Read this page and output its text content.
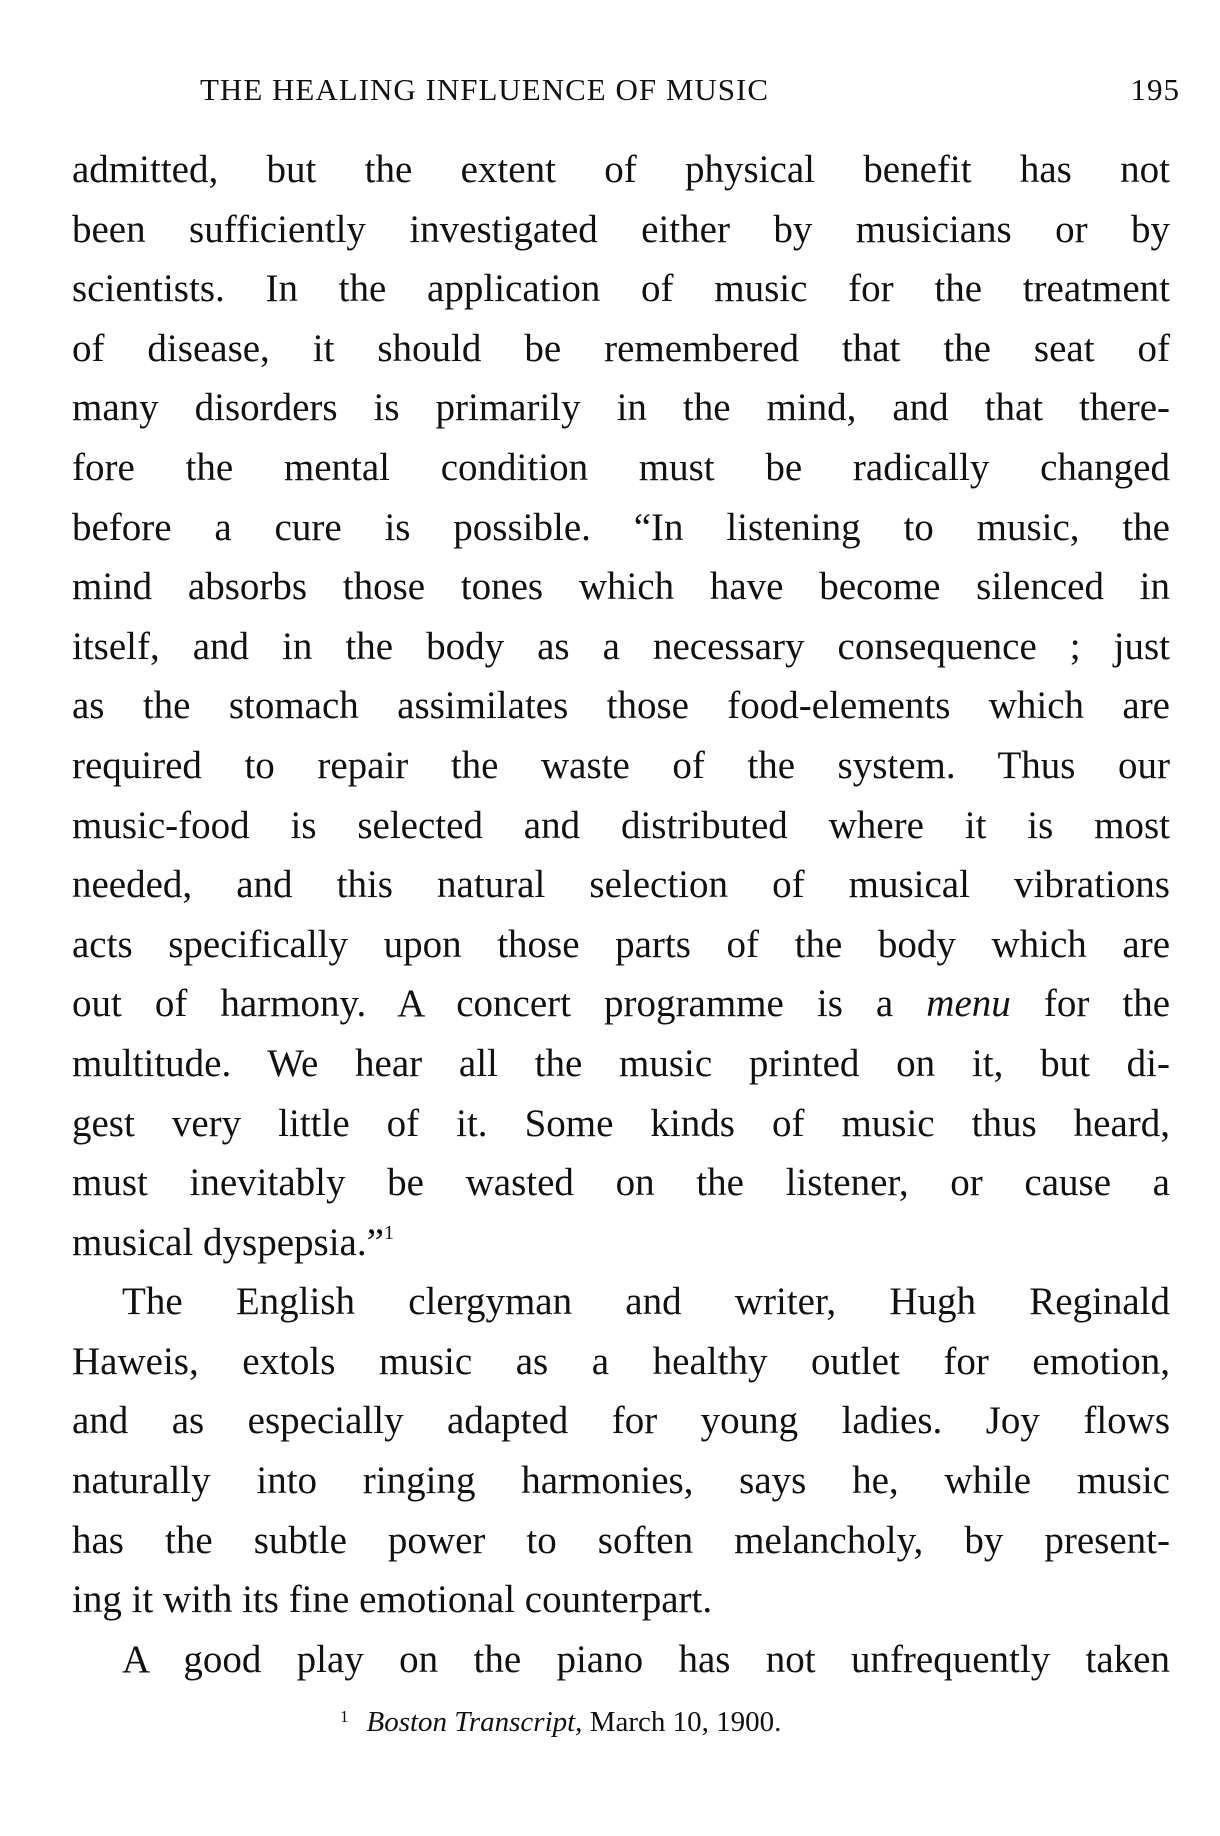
THE HEALING INFLUENCE OF MUSIC	195
admitted, but the extent of physical benefit has not
been sufficiently investigated either by musicians or by
scientists. In the application of music for the treatment
of disease, it should be remembered that the seat of
many disorders is primarily in the mind, and that there-
fore the mental condition must be radically changed
before a cure is possible. “In listening to music, the
mind absorbs those tones which have become silenced in
itself, and in the body as a necessary consequence ; just
as the stomach assimilates those food-elements which are
required to repair the waste of the system. Thus our
music-food is selected and distributed where it is most
needed, and this natural selection of musical vibrations
acts specifically upon those parts of the body which are
out of harmony. A concert programme is a menu for the
multitude. We hear all the music printed on it, but di-
gest very little of it. Some kinds of music thus heard,
must inevitably be wasted on the listener, or cause a
musical dyspepsia.”$^1$
The English clergyman and writer, Hugh Reginald
Haweis, extols music as a healthy outlet for emotion,
and as especially adapted for young ladies. Joy flows
naturally into ringing harmonies, says he, while music
has the subtle power to soften melancholy, by present-
ing it with its fine emotional counterpart.
A good play on the piano has not unfrequently taken
$^1$ Boston Transcript, March 10, 1900.
